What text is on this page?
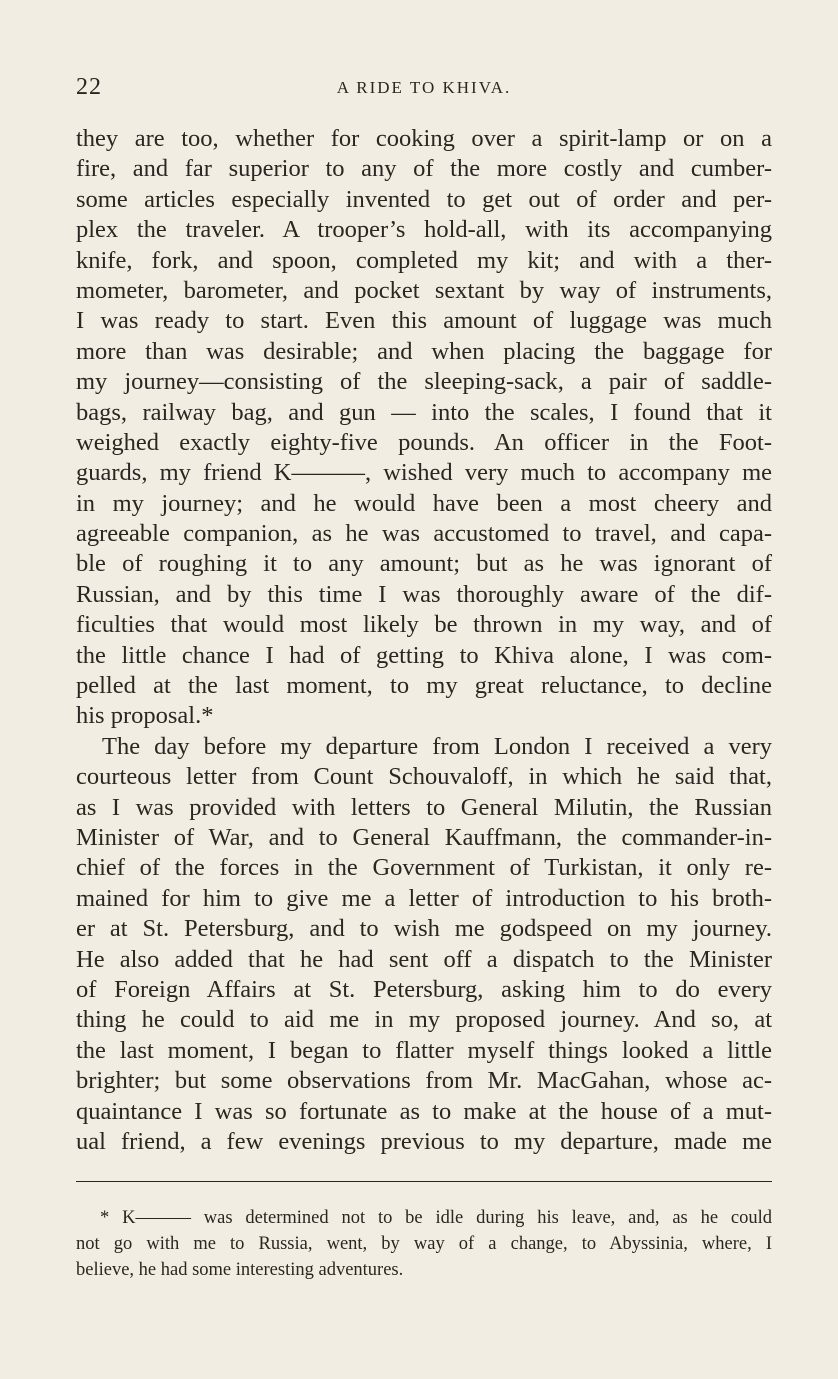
22	A RIDE TO KHIVA.
they are too, whether for cooking over a spirit-lamp or on a
fire, and far superior to any of the more costly and cumber-
some articles especially invented to get out of order and per-
plex the traveler. A trooper’s hold-all, with its accompanying
knife, fork, and spoon, completed my kit; and with a ther-
mometer, barometer, and pocket sextant by way of instruments,
I was ready to start. Even this amount of luggage was much
more than was desirable; and when placing the baggage for
my journey—consisting of the sleeping-sack, a pair of saddle-
bags, railway bag, and gun — into the scales, I found that it
weighed exactly eighty-five pounds. An officer in the Foot-
guards, my friend K———, wished very much to accompany me
in my journey; and he would have been a most cheery and
agreeable companion, as he was accustomed to travel, and capa-
ble of roughing it to any amount; but as he was ignorant of
Russian, and by this time I was thoroughly aware of the dif-
ficulties that would most likely be thrown in my way, and of
the little chance I had of getting to Khiva alone, I was com-
pelled at the last moment, to my great reluctance, to decline
his proposal.*
The day before my departure from London I received a very
courteous letter from Count Schouvaloff, in which he said that,
as I was provided with letters to General Milutin, the Russian
Minister of War, and to General Kauffmann, the commander-in-
chief of the forces in the Government of Turkistan, it only re-
mained for him to give me a letter of introduction to his broth-
er at St. Petersburg, and to wish me godspeed on my journey.
He also added that he had sent off a dispatch to the Minister
of Foreign Affairs at St. Petersburg, asking him to do every
thing he could to aid me in my proposed journey. And so, at
the last moment, I began to flatter myself things looked a little
brighter; but some observations from Mr. MacGahan, whose ac-
quaintance I was so fortunate as to make at the house of a mut-
ual friend, a few evenings previous to my departure, made me
* K——— was determined not to be idle during his leave, and, as he could
not go with me to Russia, went, by way of a change, to Abyssinia, where, I
believe, he had some interesting adventures.
